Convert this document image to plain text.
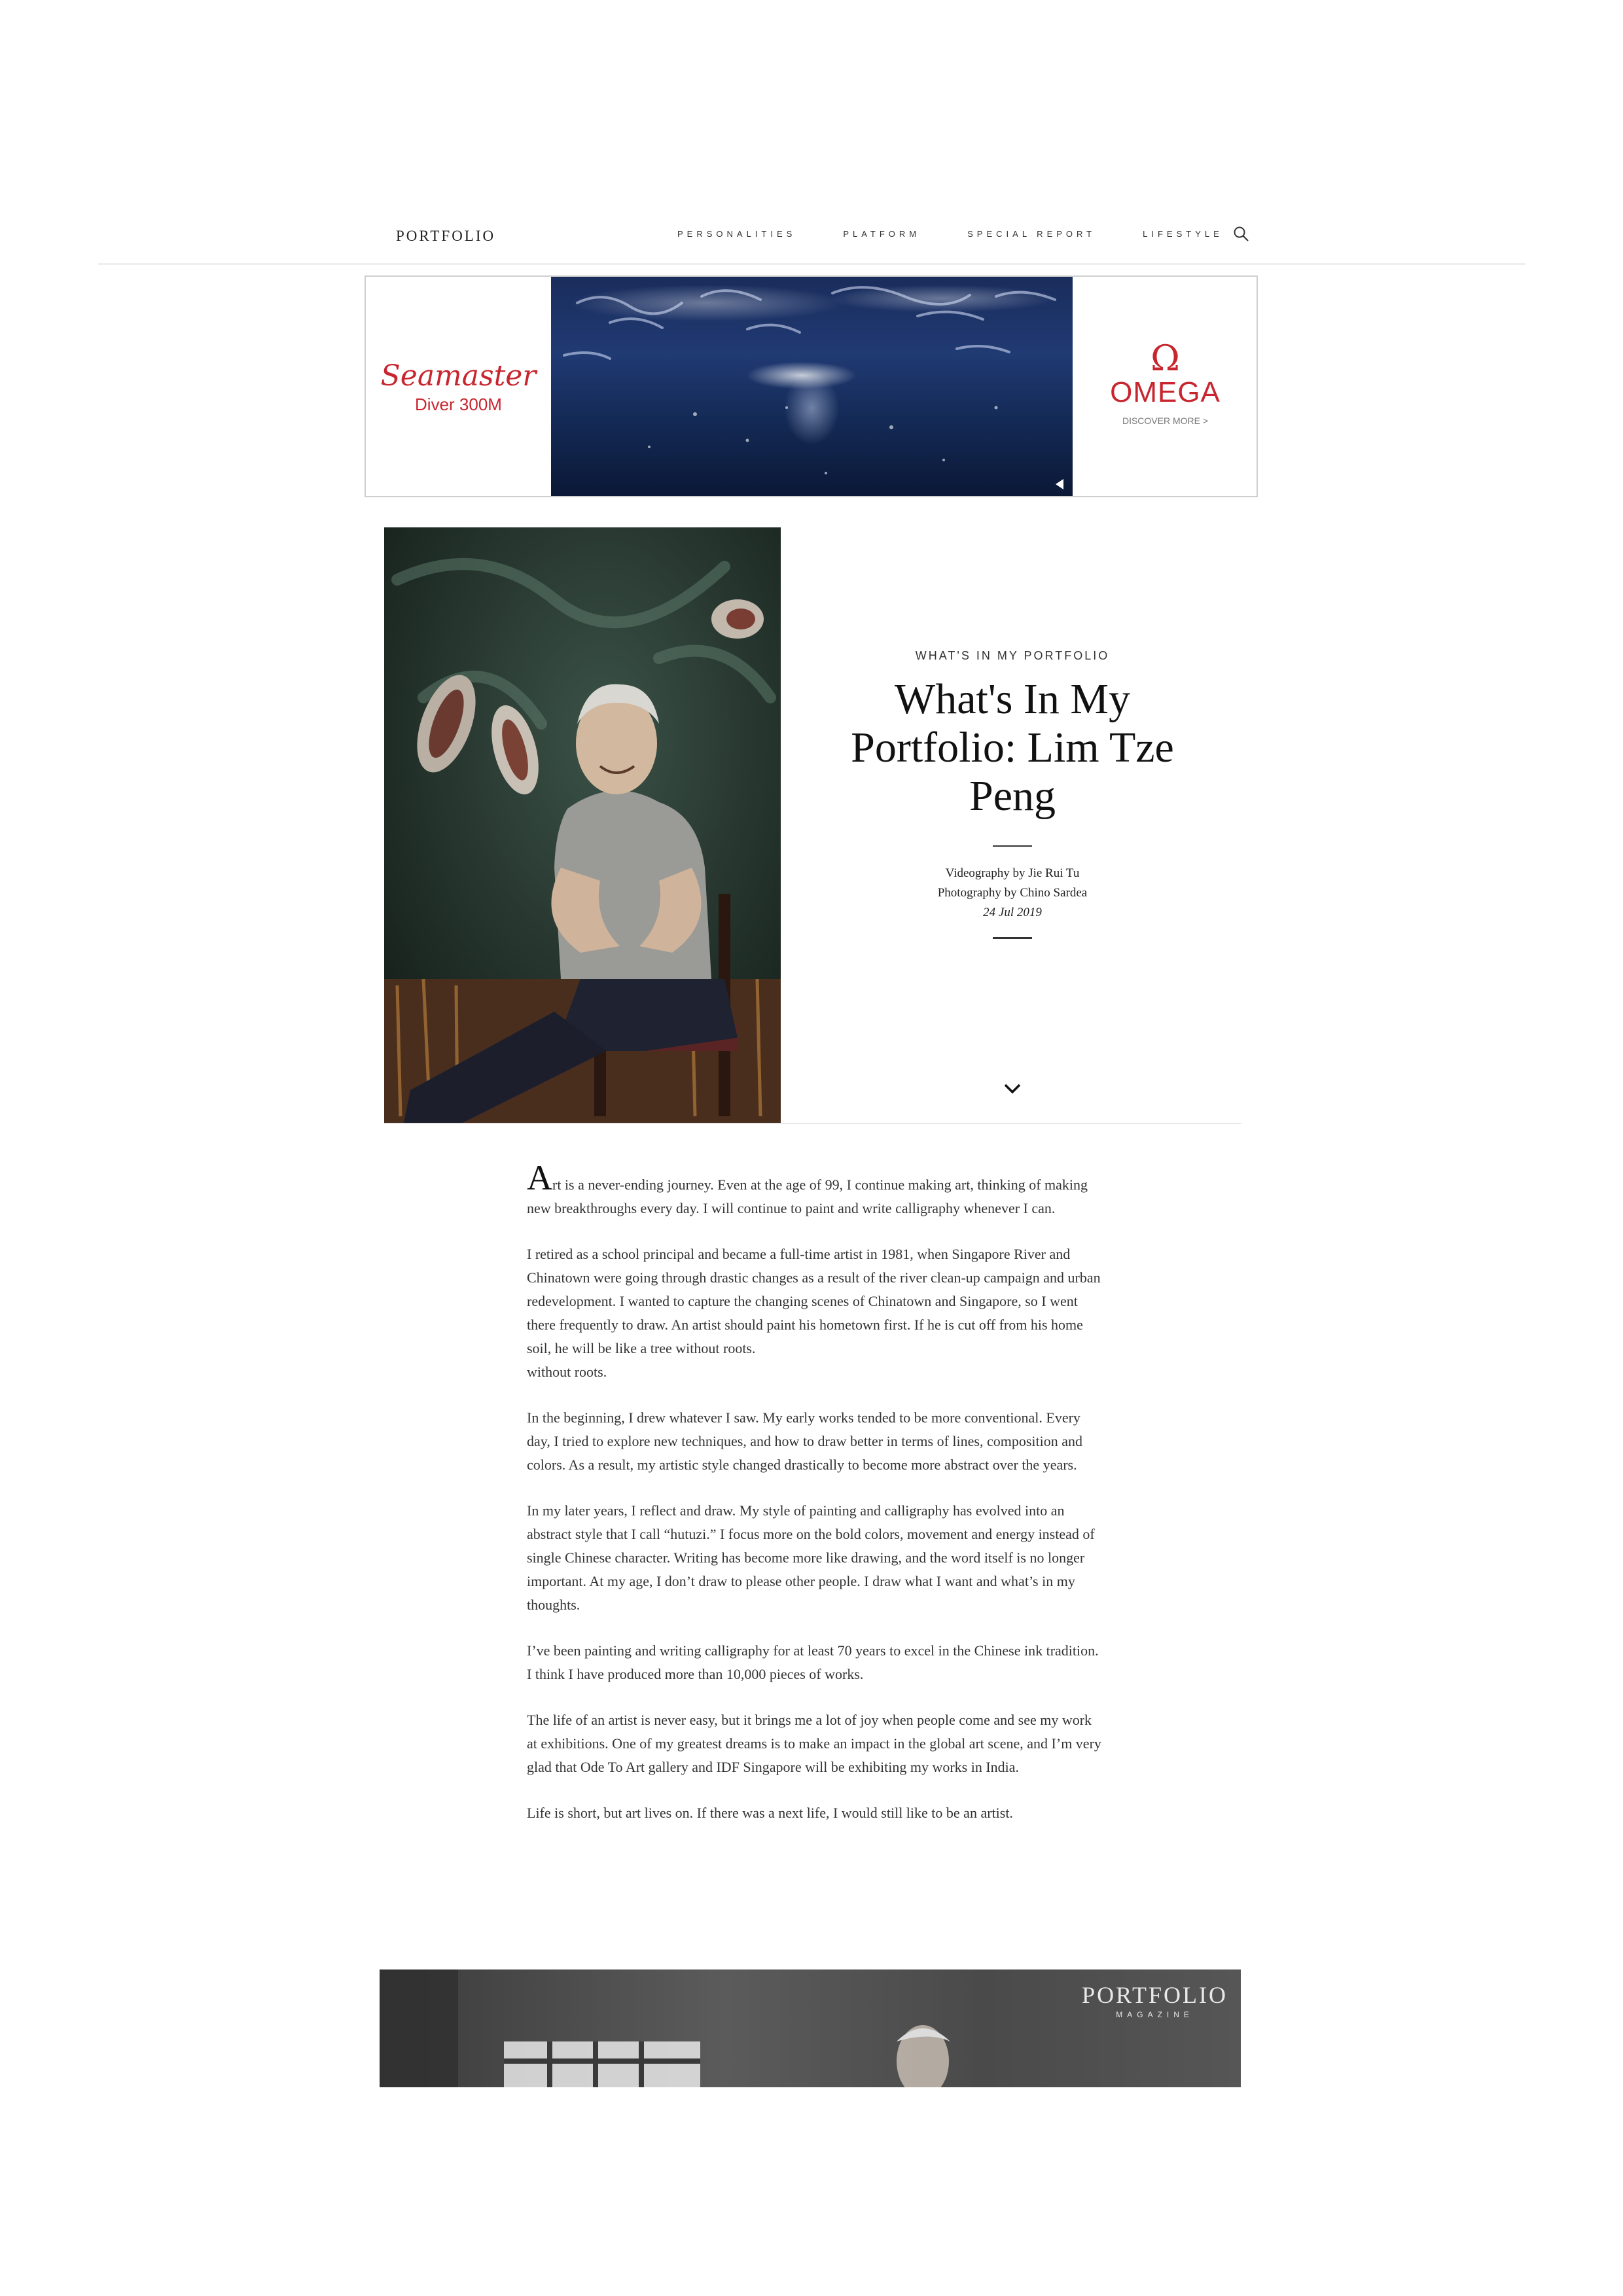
PORTFOLIO	PERSONALITIES	PLATFORM	SPECIAL REPORT	LIFESTYLE
Seamaster
Diver 300M
Ω
OMEGA
DISCOVER MORE >
WHAT'S IN MY PORTFOLIO
What's In My Portfolio: Lim Tze Peng
Videography by Jie Rui Tu
Photography by Chino Sardea
24 Jul 2019

Art is a never-ending journey. Even at the age of 99, I continue making art, thinking of making new breakthroughs every day. I will continue to paint and write calligraphy whenever I can.

I retired as a school principal and became a full-time artist in 1981, when Singapore River and Chinatown were going through drastic changes as a result of the river clean-up campaign and urban redevelopment. I wanted to capture the changing scenes of Chinatown and Singapore, so I went there frequently to draw. An artist should paint his hometown first. If he is cut off from his home soil, he will be like a tree without roots.

without roots.

In the beginning, I drew whatever I saw. My early works tended to be more conventional. Every day, I tried to explore new techniques, and how to draw better in terms of lines, composition and colors. As a result, my artistic style changed drastically to become more abstract over the years.

In my later years, I reflect and draw. My style of painting and calligraphy has evolved into an abstract style that I call “hutuzi.” I focus more on the bold colors, movement and energy instead of single Chinese character. Writing has become more like drawing, and the word itself is no longer important. At my age, I don’t draw to please other people. I draw what I want and what’s in my thoughts.

I’ve been painting and writing calligraphy for at least 70 years to excel in the Chinese ink tradition. I think I have produced more than 10,000 pieces of works.

The life of an artist is never easy, but it brings me a lot of joy when people come and see my work at exhibitions. One of my greatest dreams is to make an impact in the global art scene, and I’m very glad that Ode To Art gallery and IDF Singapore will be exhibiting my works in India.

Life is short, but art lives on. If there was a next life, I would still like to be an artist.

PORTFOLIO
MAGAZINE
